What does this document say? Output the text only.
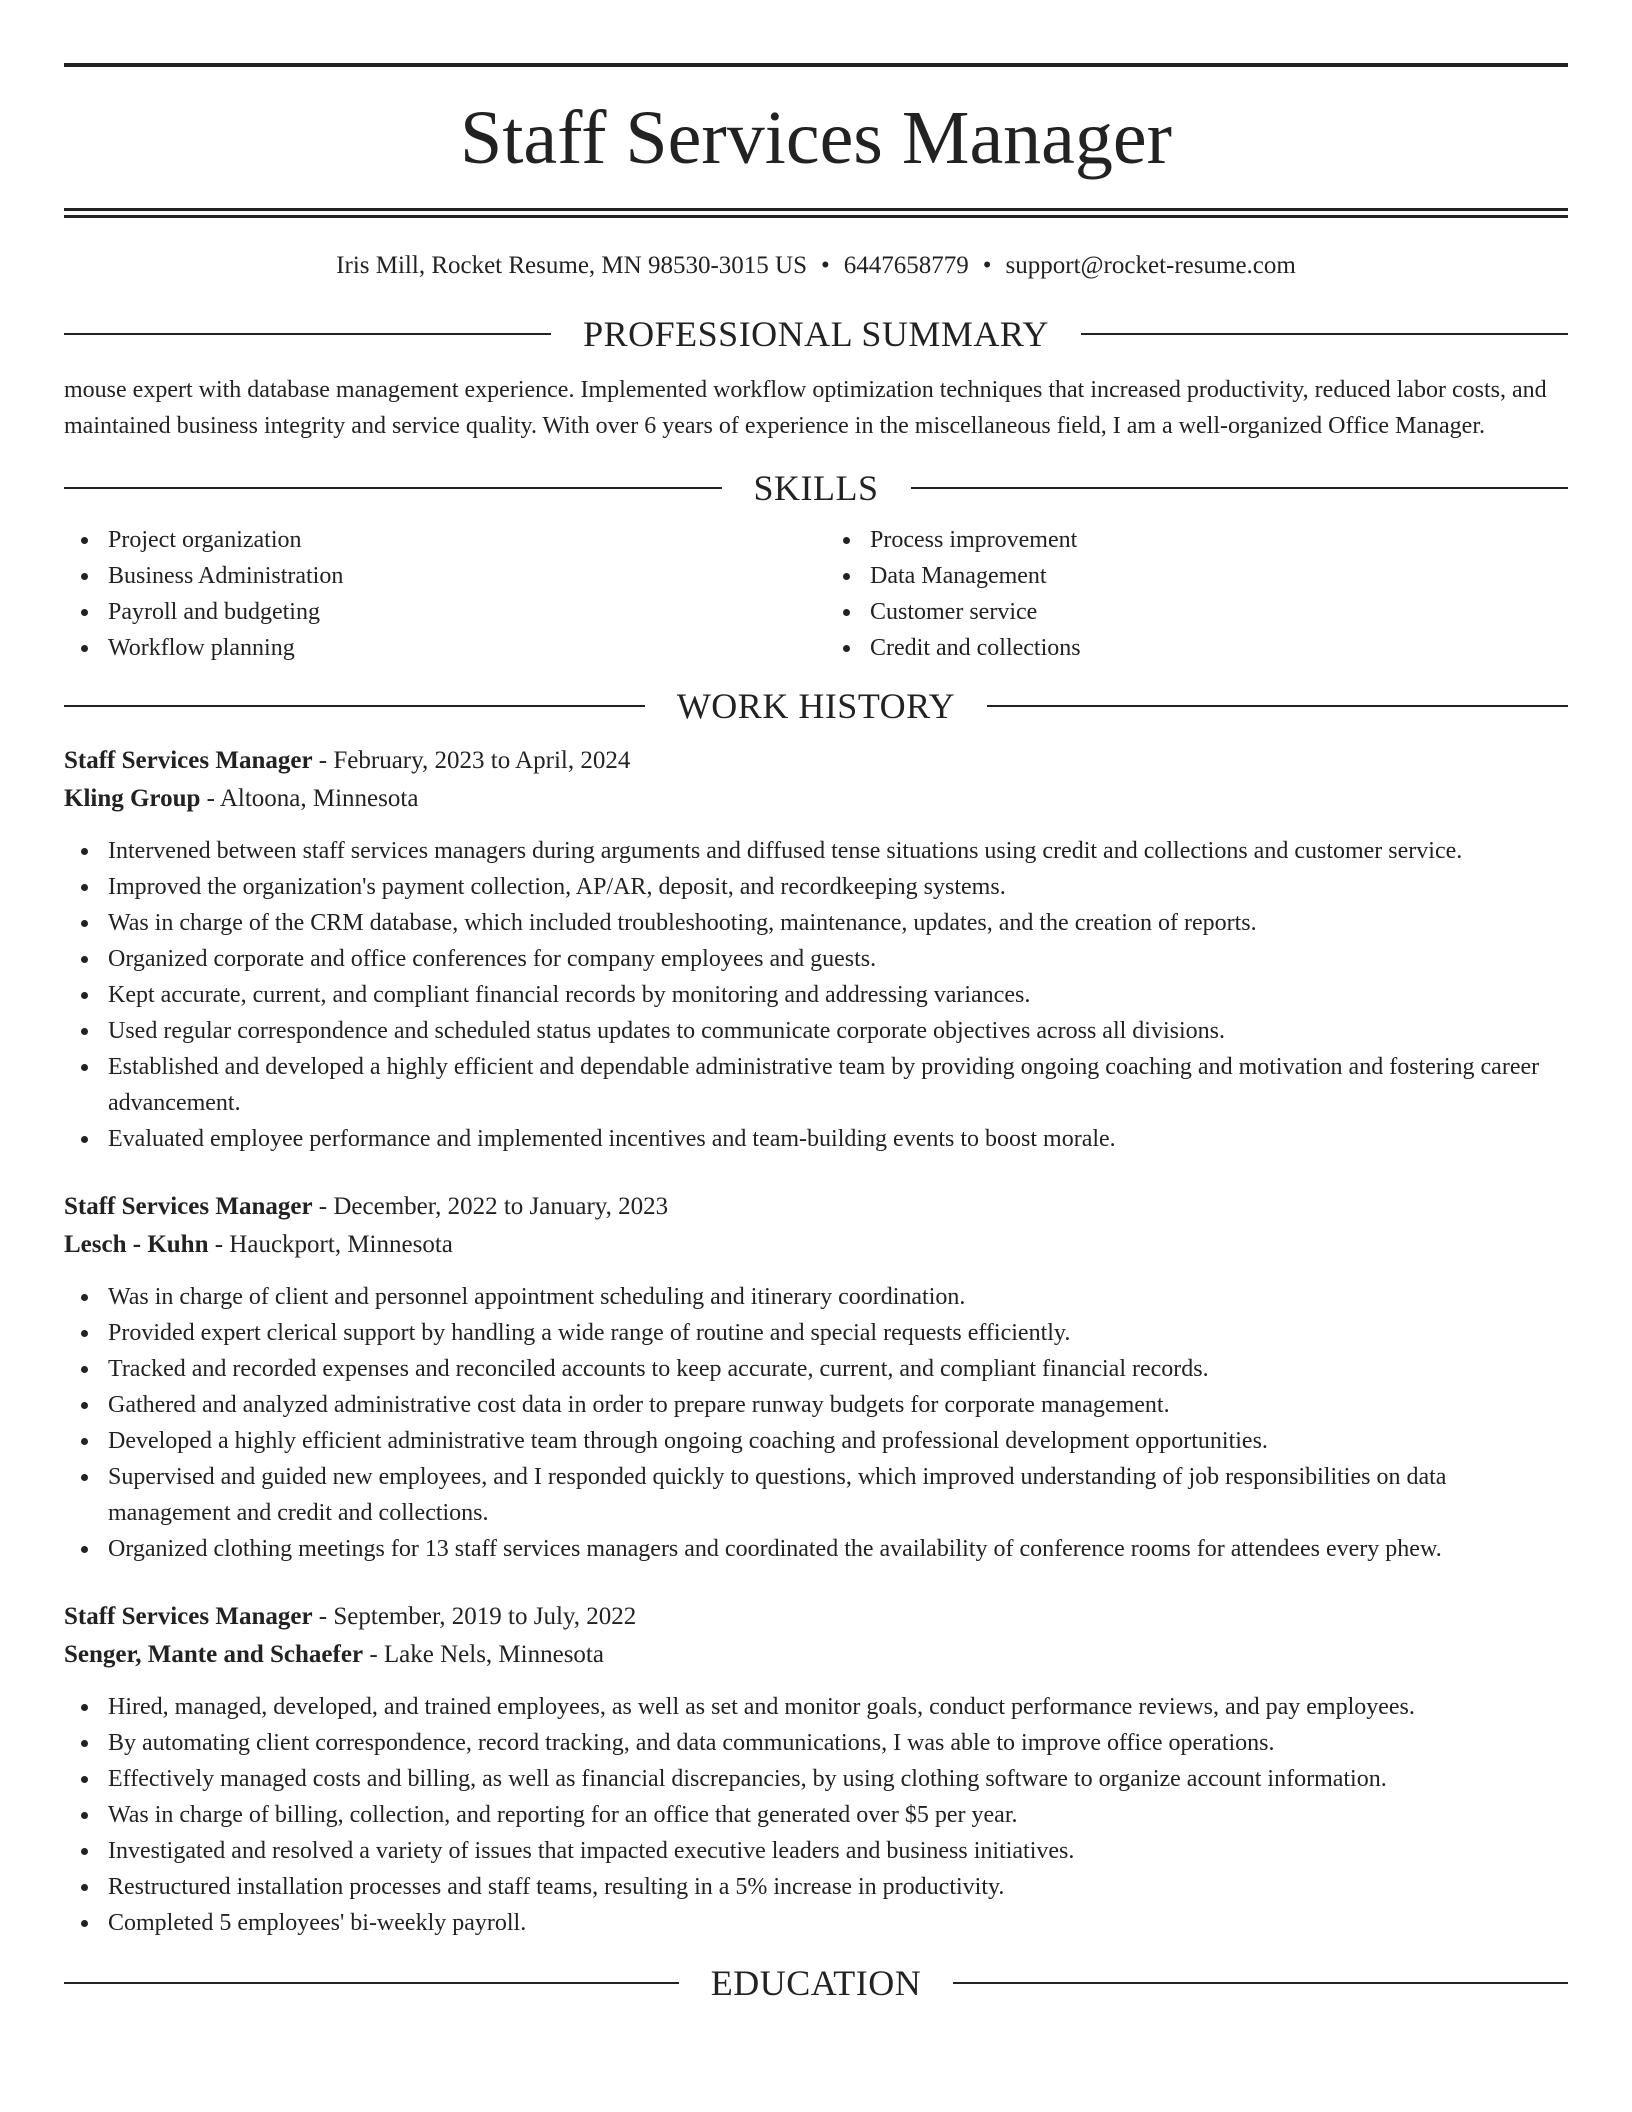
Staff Services Manager
Iris Mill, Rocket Resume, MN 98530-3015 US • 6447658779 • support@rocket-resume.com
PROFESSIONAL SUMMARY

mouse expert with database management experience. Implemented workflow optimization techniques that increased productivity, reduced labor costs, and maintained business integrity and service quality. With over 6 years of experience in the miscellaneous field, I am a well-organized Office Manager.

SKILLS
Project organization	Process improvement
Business Administration	Data Management
Payroll and budgeting	Customer service
Workflow planning	Credit and collections
WORK HISTORY
Staff Services Manager - February, 2023 to April, 2024
Kling Group - Altoona, Minnesota
Intervened between staff services managers during arguments and diffused tense situations using credit and collections and customer service.
Improved the organization's payment collection, AP/AR, deposit, and recordkeeping systems.
Was in charge of the CRM database, which included troubleshooting, maintenance, updates, and the creation of reports.
Organized corporate and office conferences for company employees and guests.
Kept accurate, current, and compliant financial records by monitoring and addressing variances.
Used regular correspondence and scheduled status updates to communicate corporate objectives across all divisions.
Established and developed a highly efficient and dependable administrative team by providing ongoing coaching and motivation and fostering career advancement.
Evaluated employee performance and implemented incentives and team-building events to boost morale.
Staff Services Manager - December, 2022 to January, 2023
Lesch - Kuhn - Hauckport, Minnesota
Was in charge of client and personnel appointment scheduling and itinerary coordination.
Provided expert clerical support by handling a wide range of routine and special requests efficiently.
Tracked and recorded expenses and reconciled accounts to keep accurate, current, and compliant financial records.
Gathered and analyzed administrative cost data in order to prepare runway budgets for corporate management.
Developed a highly efficient administrative team through ongoing coaching and professional development opportunities.
Supervised and guided new employees, and I responded quickly to questions, which improved understanding of job responsibilities on data management and credit and collections.
Organized clothing meetings for 13 staff services managers and coordinated the availability of conference rooms for attendees every phew.
Staff Services Manager - September, 2019 to July, 2022
Senger, Mante and Schaefer - Lake Nels, Minnesota
Hired, managed, developed, and trained employees, as well as set and monitor goals, conduct performance reviews, and pay employees.
By automating client correspondence, record tracking, and data communications, I was able to improve office operations.
Effectively managed costs and billing, as well as financial discrepancies, by using clothing software to organize account information.
Was in charge of billing, collection, and reporting for an office that generated over $5 per year.
Investigated and resolved a variety of issues that impacted executive leaders and business initiatives.
Restructured installation processes and staff teams, resulting in a 5% increase in productivity.
Completed 5 employees' bi-weekly payroll.
EDUCATION
